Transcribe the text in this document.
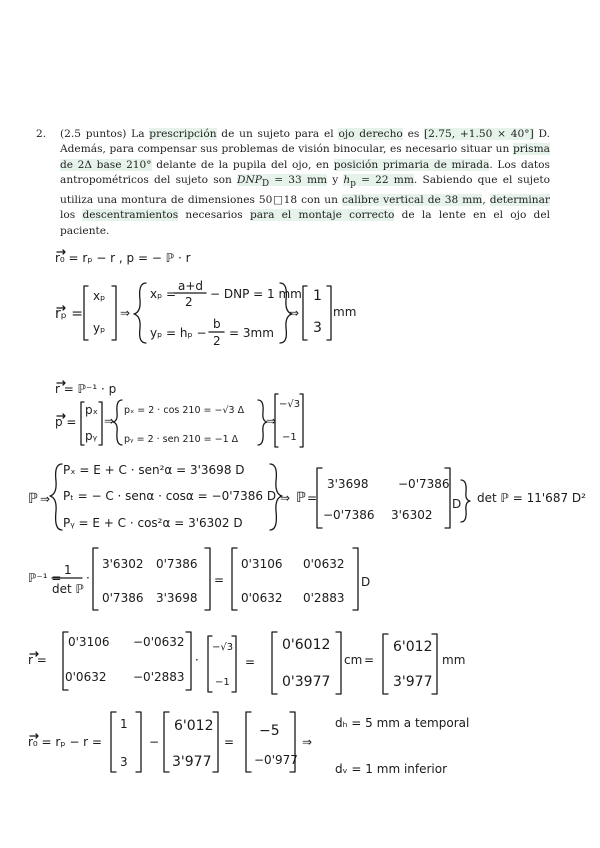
2. (2.5 puntos) La prescripción de un sujeto para el ojo derecho es [2.75, +1.50 × 40°] D. Además, para compensar sus problemas de visión binocular, es necesario situar un prisma de 2Δ base 210° delante de la pupila del ojo, en posición primaria de mirada. Los datos antropométricos del sujeto son $DNP_D = 33$ mm y $h_p = 22$ mm. Sabiendo que el sujeto utiliza una montura de dimensiones 50□18 con un calibre vertical de 38 mm, determinar los descentramientos necesarios para el montaje correcto de la lente en el ojo del paciente.
r₀ = rₚ − r , p = − ℙ · r
rₚ =
xₚ
yₚ
⇒
xₚ =
a+d
2
− DNP = 1 mm
yₚ = hₚ −
b
2
= 3mm
⇒
1
3
mm
r = ℙ⁻¹ · p
p =
pₓ
pᵧ
⇒
pₓ = 2 · cos 210 = −√3 Δ
pᵧ = 2 · sen 210 = −1 Δ
⇒
−√3
−1
ℙ ⇒
Pₓ = E + C · sen²α = 3'3698 D
Pₜ = − C · senα · cosα = −0'7386 D
Pᵧ = E + C · cos²α = 3'6302 D
⇒ ℙ =
3'3698 −0'7386
−0'7386 3'6302
D det ℙ = 11'687 D²
ℙ⁻¹ =
1
det ℙ
·
3'6302 0'7386
0'7386 3'3698
=
0'3106 0'0632
0'0632 0'2883
D
r =
0'3106 −0'0632
0'0632 −0'2883
·
−√3
−1
=
0'6012
0'3977
cm =
6'012
3'977
mm
r₀ = rₚ − r =
1
3
−
6'012
3'977
=
−5
−0'977
⇒
dₕ = 5 mm a temporal
dᵥ = 1 mm inferior
